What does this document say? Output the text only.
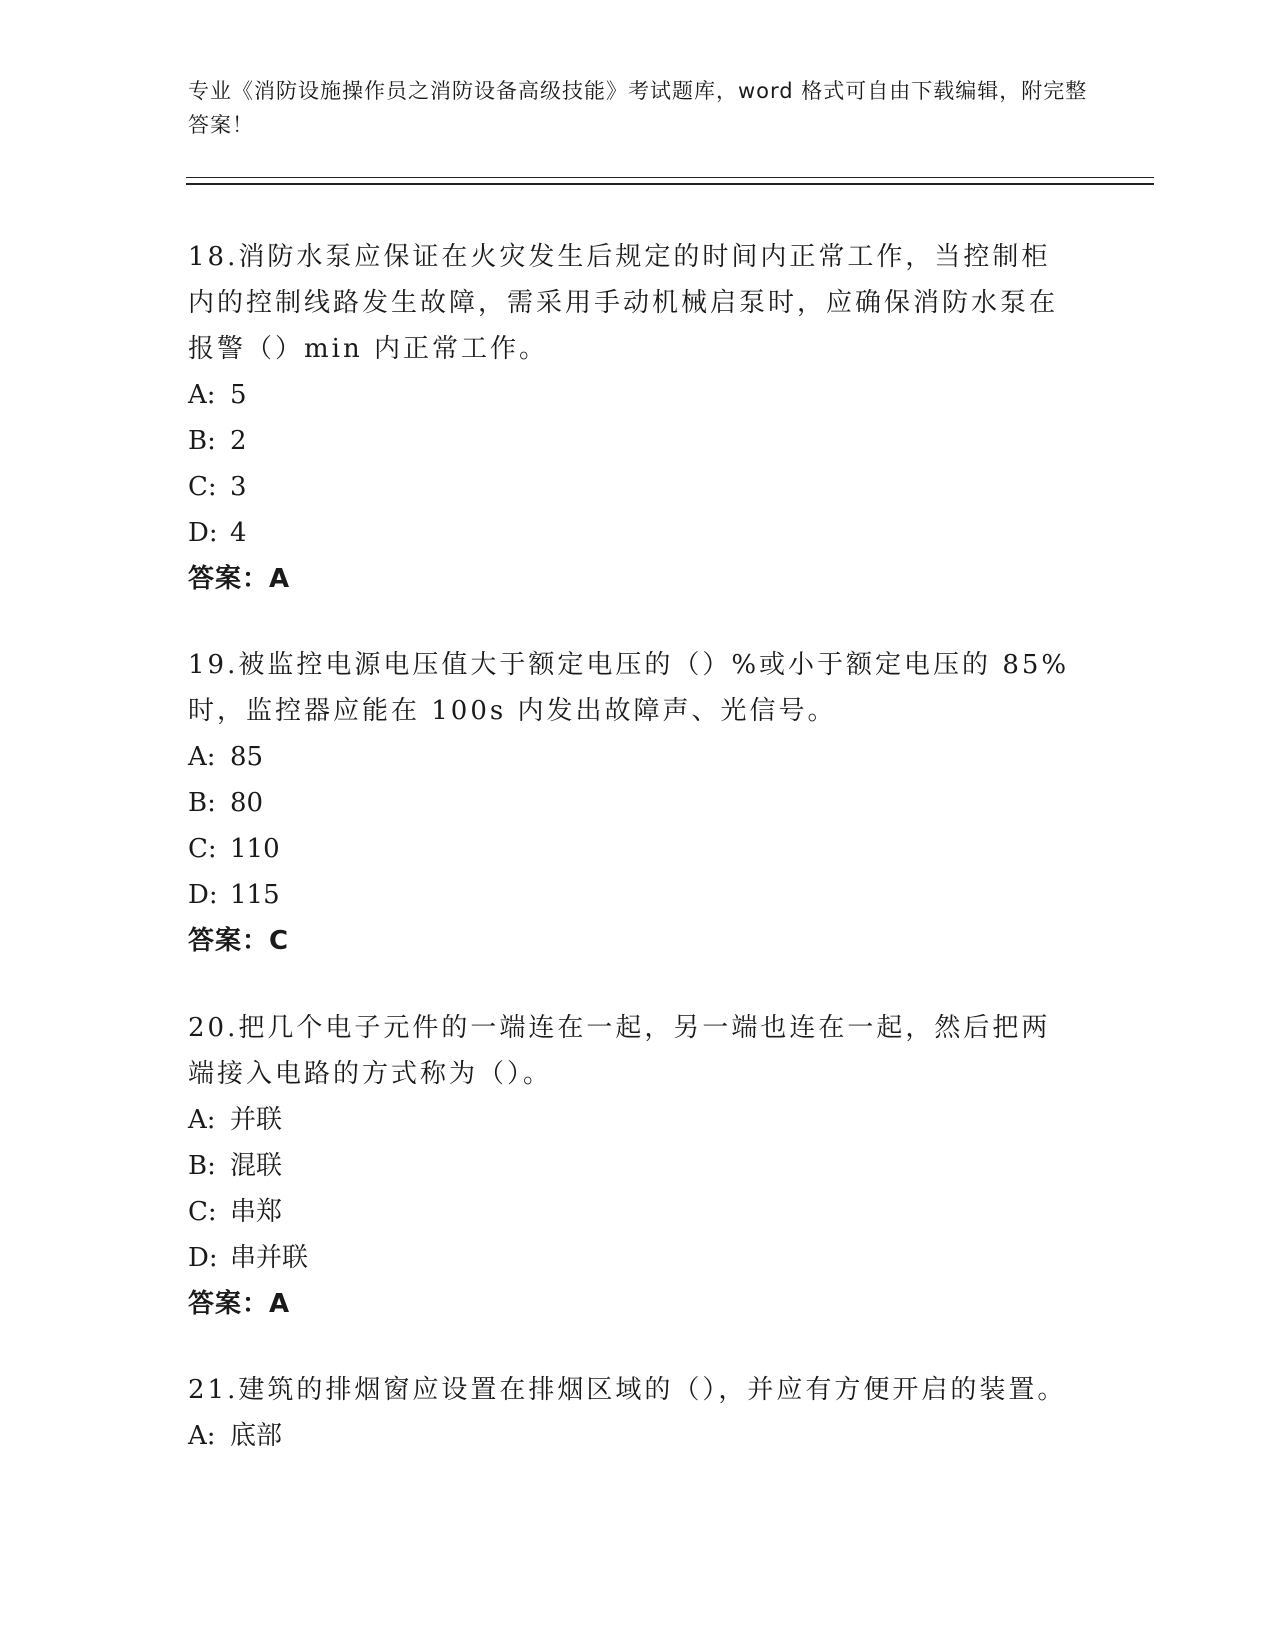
专业《消防设施操作员之消防设备高级技能》考试题库，word 格式可自由下载编辑，附完整答案！
18.消防水泵应保证在火灾发生后规定的时间内正常工作，当控制柜内的控制线路发生故障，需采用手动机械启泵时，应确保消防水泵在报警（）min 内正常工作。
A: 5
B: 2
C: 3
D: 4
答案：A
19.被监控电源电压值大于额定电压的（）%或小于额定电压的 85%时，监控器应能在 100s 内发出故障声、光信号。
A: 85
B: 80
C: 110
D: 115
答案：C
20.把几个电子元件的一端连在一起，另一端也连在一起，然后把两端接入电路的方式称为（）。
A: 并联
B: 混联
C: 串郑
D: 串并联
答案：A
21.建筑的排烟窗应设置在排烟区域的（），并应有方便开启的装置。
A: 底部
